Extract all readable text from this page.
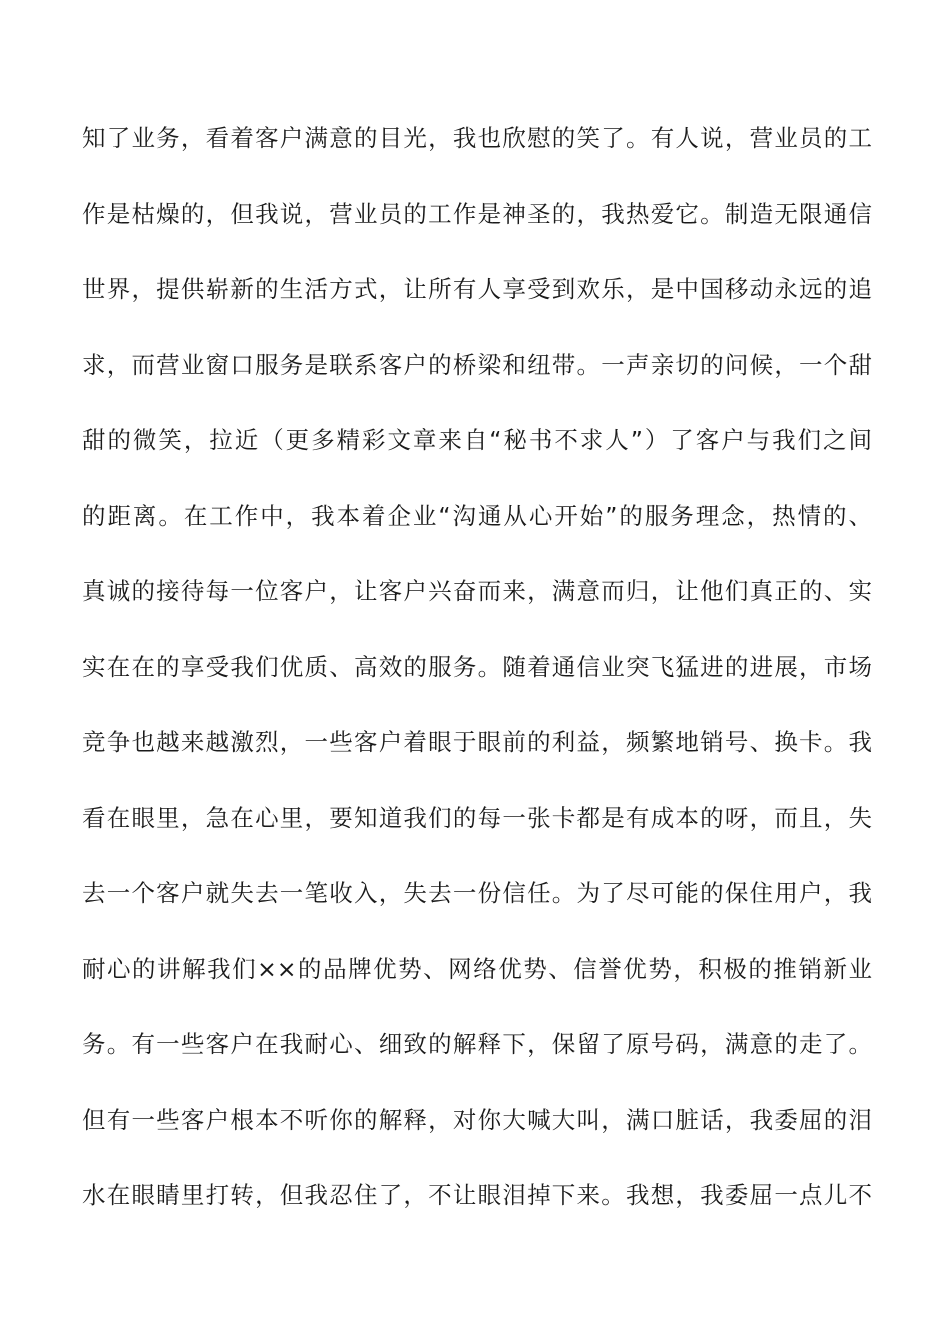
知了业务，看着客户满意的目光，我也欣慰的笑了。有人说，营业员的工
作是枯燥的，但我说，营业员的工作是神圣的，我热爱它。制造无限通信
世界，提供崭新的生活方式，让所有人享受到欢乐，是中国移动永远的追
求，而营业窗口服务是联系客户的桥梁和纽带。一声亲切的问候，一个甜
甜的微笑，拉近（更多精彩文章来自“秘书不求人”）了客户与我们之间
的距离。在工作中，我本着企业“沟通从心开始”的服务理念，热情的、
真诚的接待每一位客户，让客户兴奋而来，满意而归，让他们真正的、实
实在在的享受我们优质、高效的服务。随着通信业突飞猛进的进展，市场
竞争也越来越激烈，一些客户着眼于眼前的利益，频繁地销号、换卡。我
看在眼里，急在心里，要知道我们的每一张卡都是有成本的呀，而且，失
去一个客户就失去一笔收入，失去一份信任。为了尽可能的保住用户，我
耐心的讲解我们××的品牌优势、网络优势、信誉优势，积极的推销新业
务。有一些客户在我耐心、细致的解释下，保留了原号码，满意的走了。
但有一些客户根本不听你的解释，对你大喊大叫，满口脏话，我委屈的泪
水在眼睛里打转，但我忍住了，不让眼泪掉下来。我想，我委屈一点儿不
